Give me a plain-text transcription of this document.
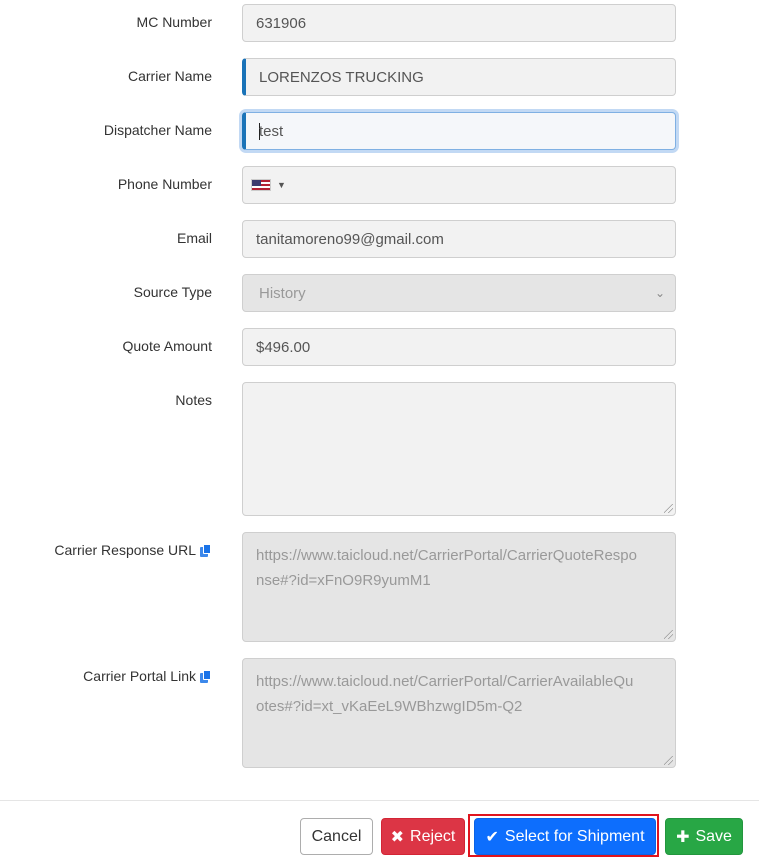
MC Number	631906
Carrier Name	LORENZOS TRUCKING
Dispatcher Name	test
Phone Number	▼
Email	tanitamoreno99@gmail.com
Source Type	History	⌄
Quote Amount	$496.00
Notes
Carrier Response URL	https://www.taicloud.net/CarrierPortal/CarrierQuoteRespo
nse#?id=xFnO9R9yumM1
Carrier Portal Link	https://www.taicloud.net/CarrierPortal/CarrierAvailableQu
otes#?id=xt_vKaEeL9WBhzwgID5m-Q2
Cancel ✖ Reject ✔ Select for Shipment ✚ Save
